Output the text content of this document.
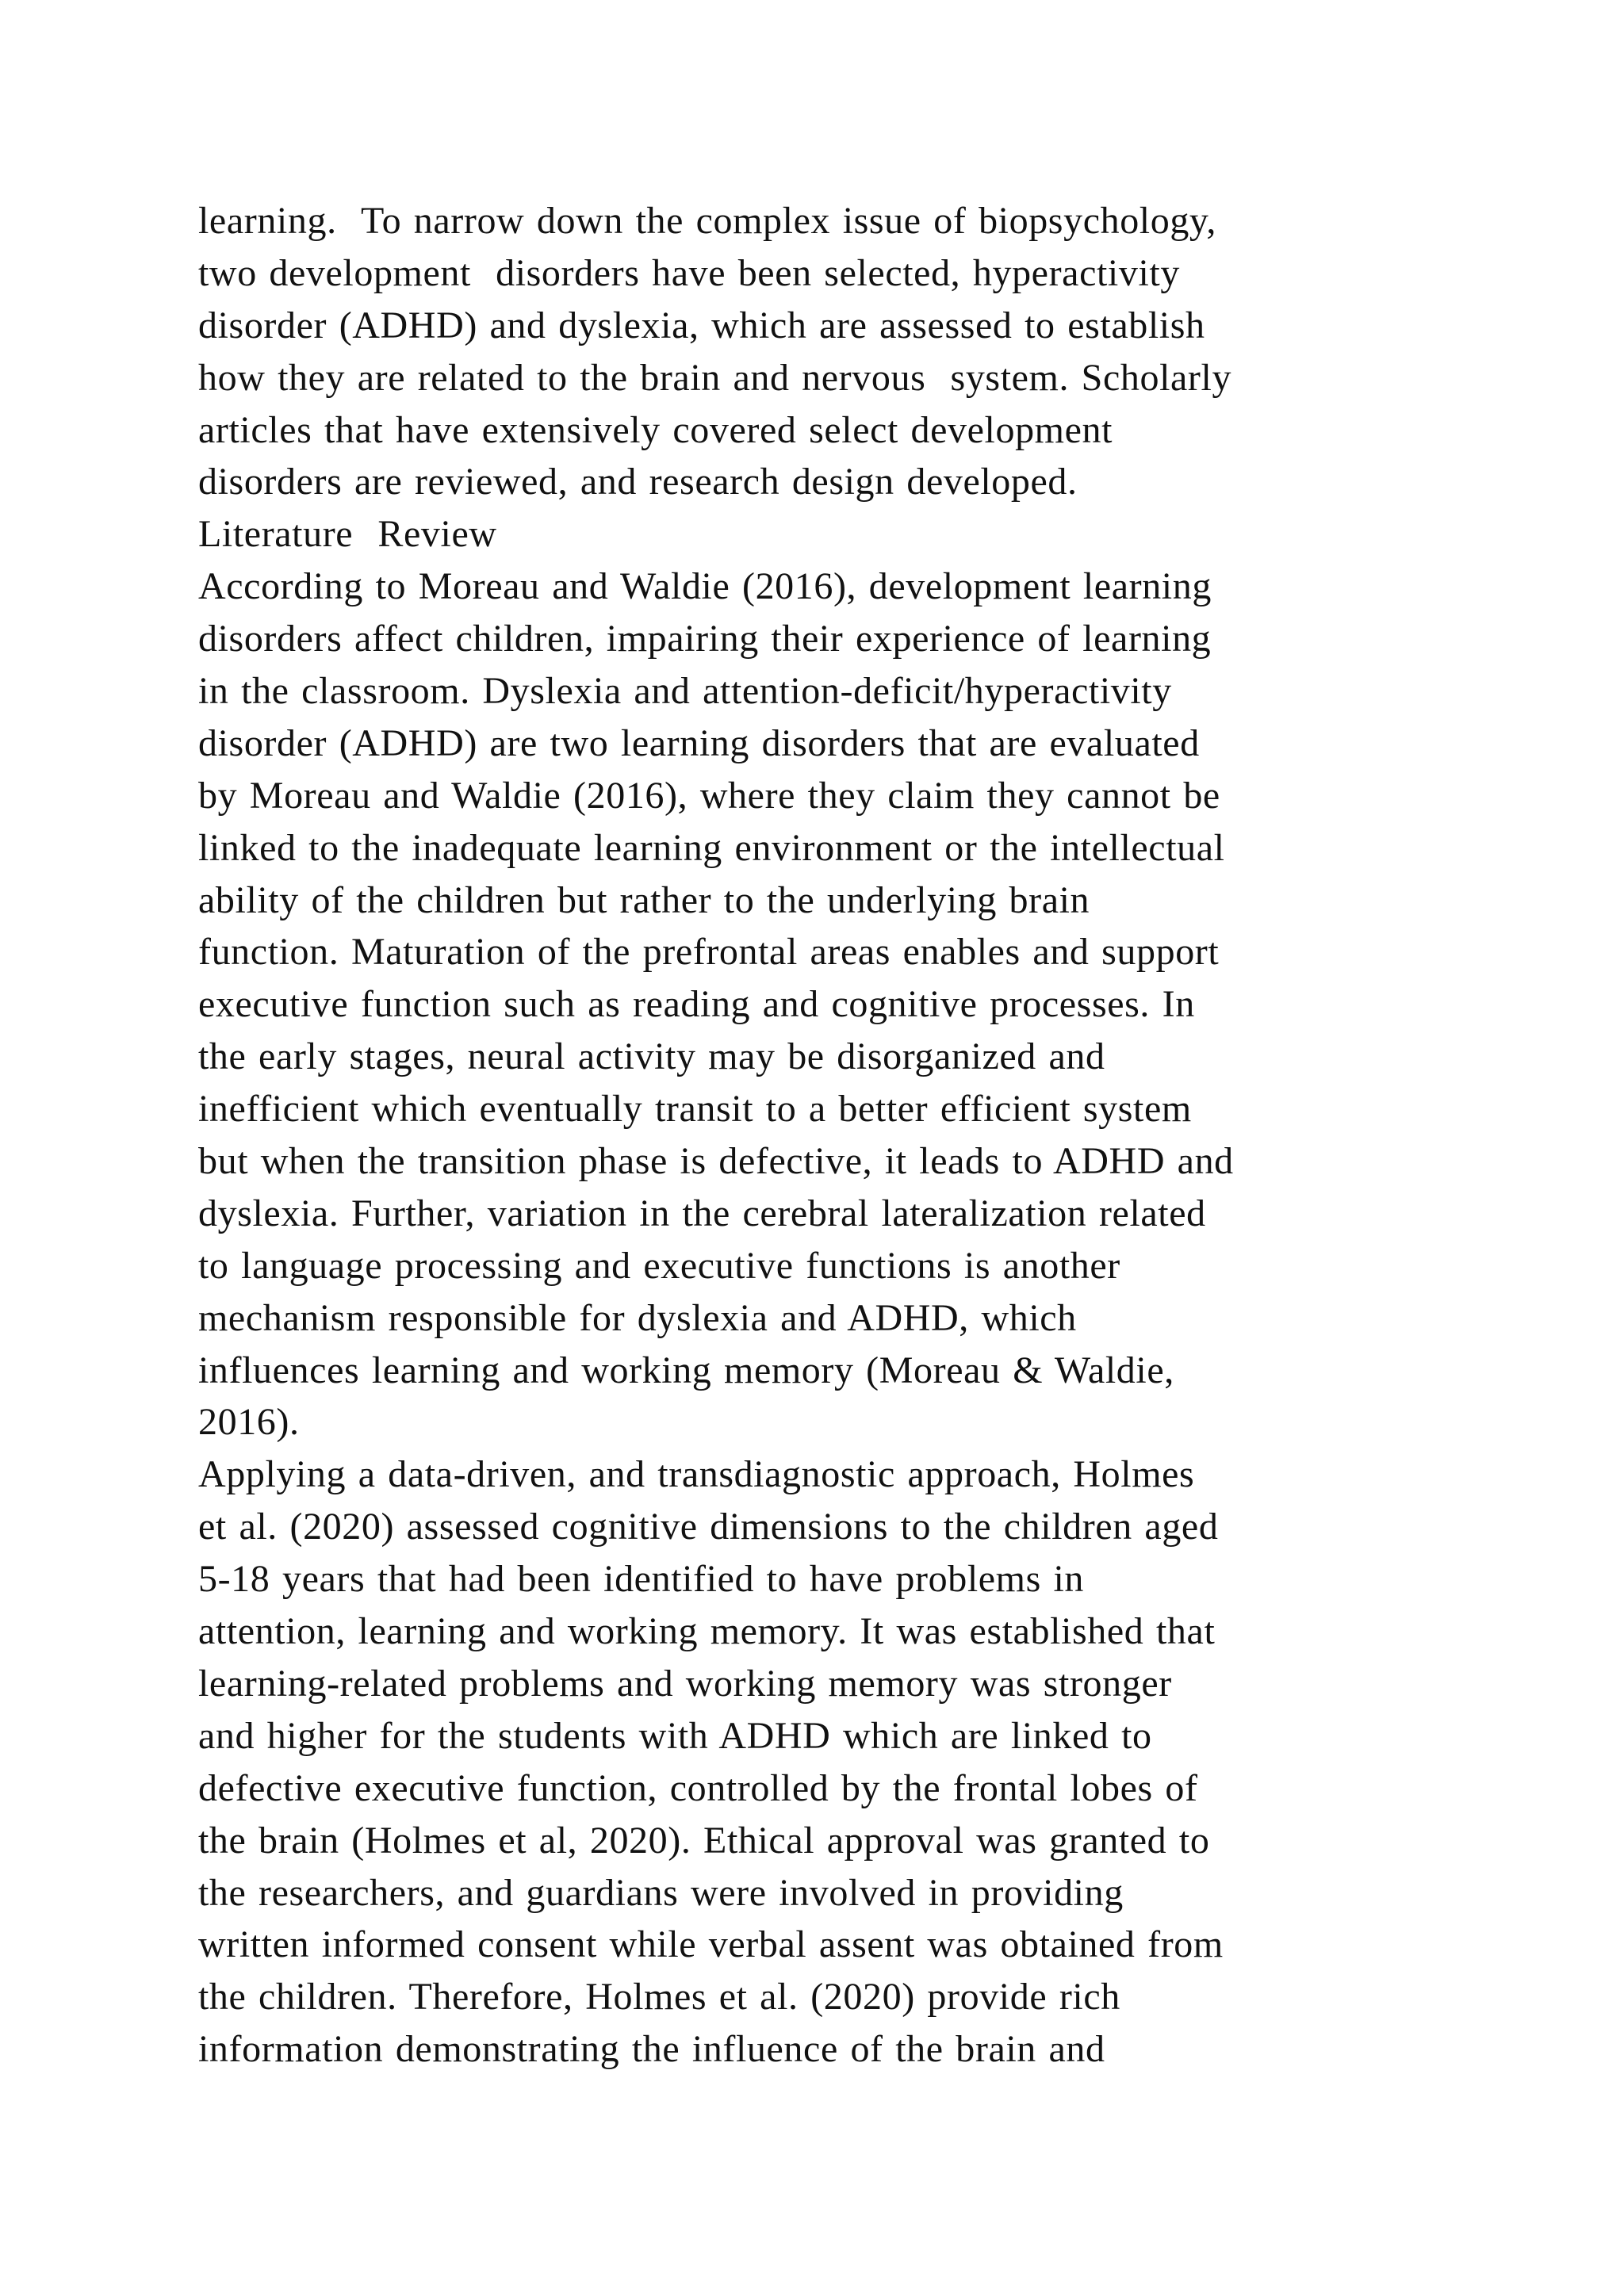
learning.  To narrow down the complex issue of biopsychology,
two development  disorders have been selected, hyperactivity
disorder (ADHD) and dyslexia, which are assessed to establish
how they are related to the brain and nervous  system. Scholarly
articles that have extensively covered select development
disorders are reviewed, and research design developed.
Literature  Review
According to Moreau and Waldie (2016), development learning
disorders affect children, impairing their experience of learning
in the classroom. Dyslexia and attention-deficit/hyperactivity
disorder (ADHD) are two learning disorders that are evaluated
by Moreau and Waldie (2016), where they claim they cannot be
linked to the inadequate learning environment or the intellectual
ability of the children but rather to the underlying brain
function. Maturation of the prefrontal areas enables and support
executive function such as reading and cognitive processes. In
the early stages, neural activity may be disorganized and
inefficient which eventually transit to a better efficient system
but when the transition phase is defective, it leads to ADHD and
dyslexia. Further, variation in the cerebral lateralization related
to language processing and executive functions is another
mechanism responsible for dyslexia and ADHD, which
influences learning and working memory (Moreau & Waldie,
2016).
Applying a data-driven, and transdiagnostic approach, Holmes
et al. (2020) assessed cognitive dimensions to the children aged
5-18 years that had been identified to have problems in
attention, learning and working memory. It was established that
learning-related problems and working memory was stronger
and higher for the students with ADHD which are linked to
defective executive function, controlled by the frontal lobes of
the brain (Holmes et al, 2020). Ethical approval was granted to
the researchers, and guardians were involved in providing
written informed consent while verbal assent was obtained from
the children. Therefore, Holmes et al. (2020) provide rich
information demonstrating the influence of the brain and
